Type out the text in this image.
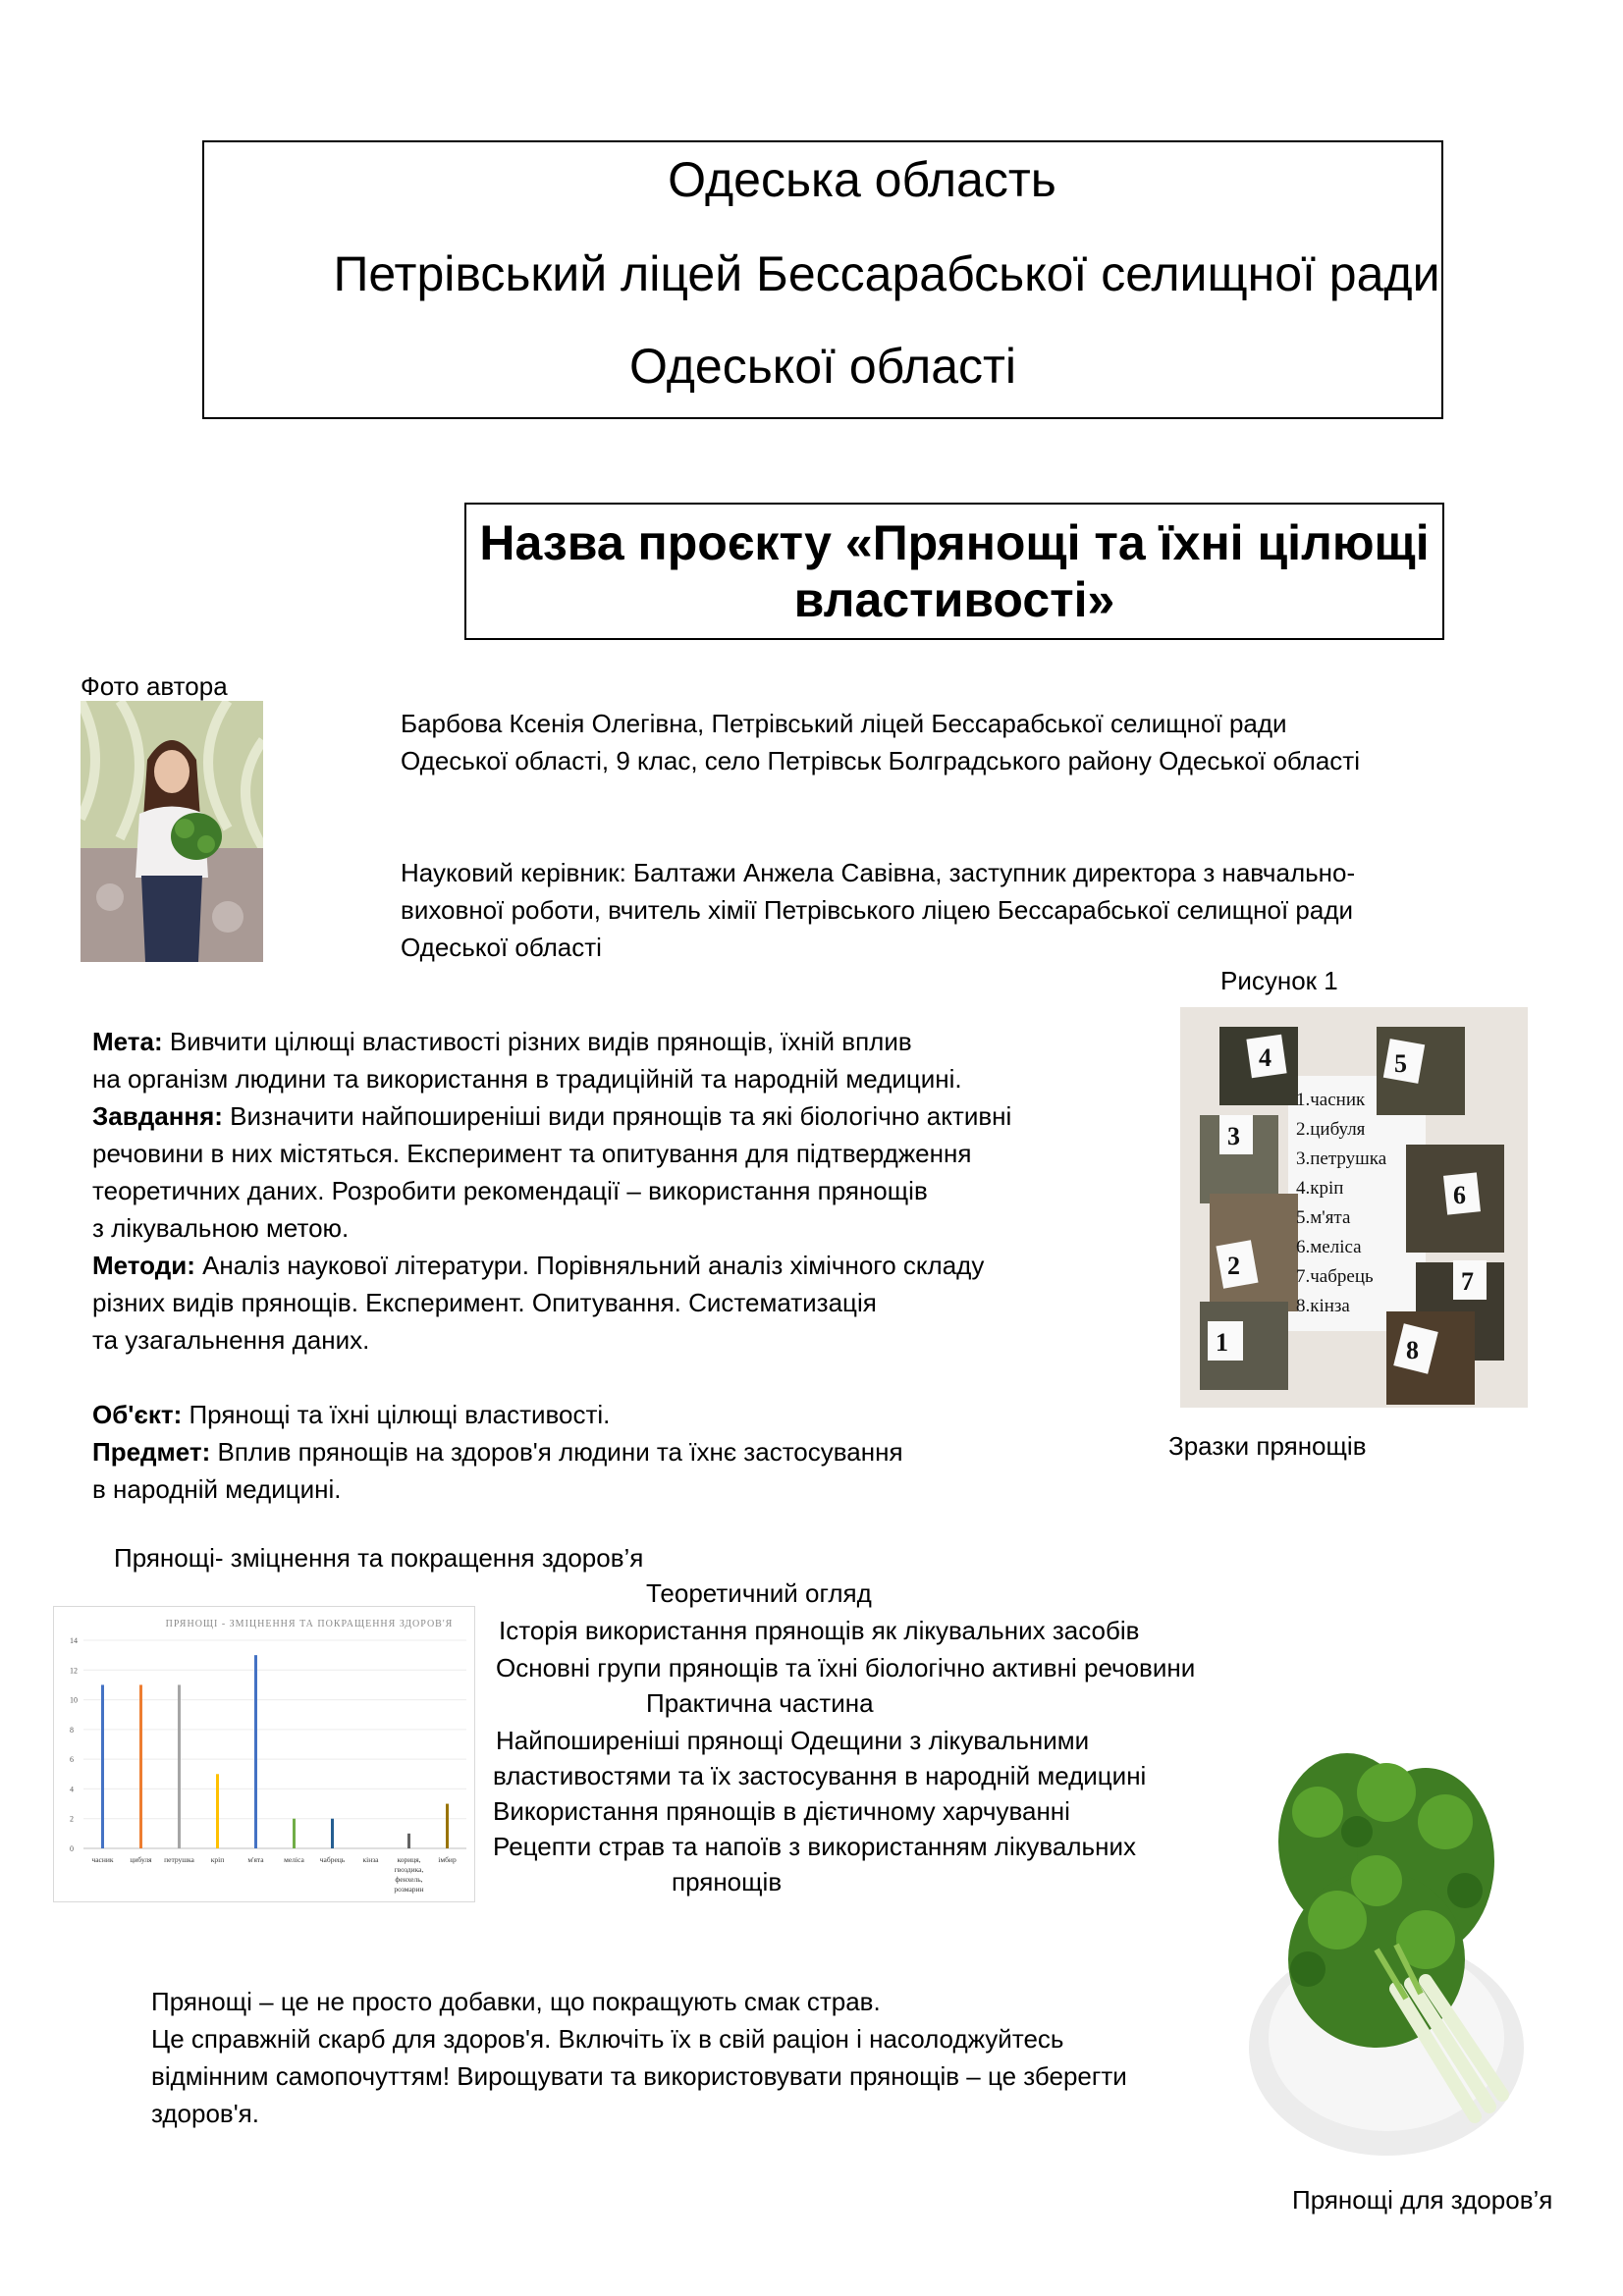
Одеська область
Петрівський ліцей Бессарабської селищної ради
Одеської області
Назва проєкту «Прянощі та їхні цілющі властивості»
Фото автора
Барбова Ксенія Олегівна, Петрівський ліцей Бессарабської селищної ради Одеської області, 9 клас, село Петрівськ Болградського району Одеської області
Науковий керівник: Балтажи Анжела Савівна, заступник директора з навчально-виховної роботи, вчитель хімії Петрівського ліцею Бессарабської селищної ради Одеської області
Рисунок 1
4	5
3
6
2
7
1	8
1.часник
2.цибуля
3.петрушка
4.кріп
5.м'ята
6.меліса
7.чабрець
8.кінза
Зразки прянощів
Мета: Вивчити цілющі властивості різних видів прянощів, їхній вплив
на організм людини та використання в традиційній та народній медицині.
Завдання: Визначити найпоширеніші види прянощів та які біологічно активні
речовини в них містяться. Експеримент та опитування для підтвердження
теоретичних даних. Розробити рекомендації – використання прянощів
з лікувальною метою.
Методи: Аналіз наукової літератури. Порівняльний аналіз хімічного складу
різних видів прянощів. Експеримент. Опитування. Систематизація
та узагальнення даних.
Об'єкт: Прянощі та їхні цілющі властивості.
Предмет: Вплив прянощів на здоров'я людини та їхнє застосування
в народній медицині.
Прянощі- зміцнення та покращення здоров’я
ПРЯНОЩІ - ЗМІЦНЕННЯ ТА ПОКРАЩЕННЯ ЗДОРОВ'Я
0
2
4
6
8
10
12
14
часник цибуля петрушка кріп	м'ята	меліса чабрець кінза	кориця,
гвоздика,
фенхель,
розмарин
імбир
Теоретичний огляд
Історія використання прянощів як лікувальних засобів
Основні групи прянощів та їхні біологічно активні речовини
Практична частина
Найпоширеніші прянощі Одещини з лікувальними
властивостями та їх застосування в народній медицині
Використання прянощів в дієтичному харчуванні
Рецепти страв та напоїв з використанням лікувальних
прянощів
Прянощі – це не просто добавки, що покращують смак страв.
Це справжній скарб для здоров'я. Включіть їх в свій раціон і насолоджуйтесь
відмінним самопочуттям! Вирощувати та використовувати прянощів – це зберегти
здоров'я.
Прянощі для здоров’я
